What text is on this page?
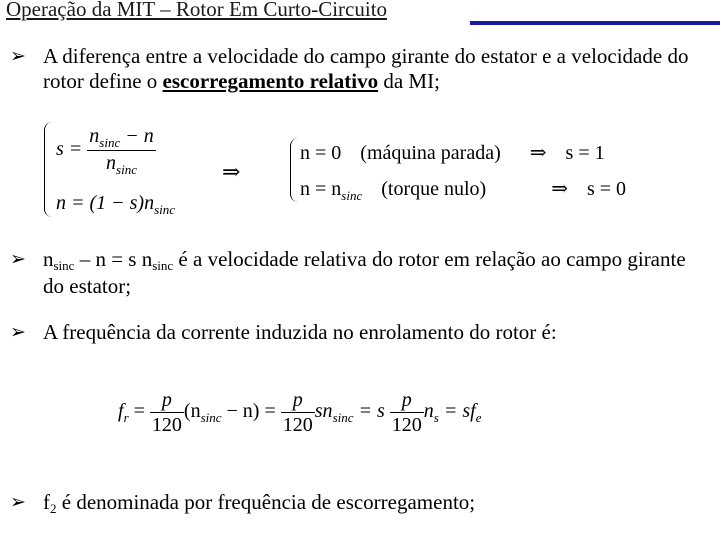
Operação da MIT – Rotor Em Curto-Circuito
➢ A diferença entre a velocidade do campo girante do estator e a velocidade do rotor define o escorregamento relativo da MI;
$s = \frac{n_{sinc} - n}{n_{sinc}}$
$n = (1 - s)n_{sinc}$
⇒
n = 0 (máquina parada) ⇒ s = 1
$n = n_{sinc}$ (torque nulo)	⇒ s = 0
➢ nsinc – n = s nsinc é a velocidade relativa do rotor em relação ao campo girante do estator;
➢ A frequência da corrente induzida no enrolamento do rotor é:
$f_r = \frac{p}{120} (n_{sinc} - n) = \frac{p}{120} sn_{sinc} = s \frac{p}{120} n_s = sf_e$
➢ f2 é denominada por frequência de escorregamento;
